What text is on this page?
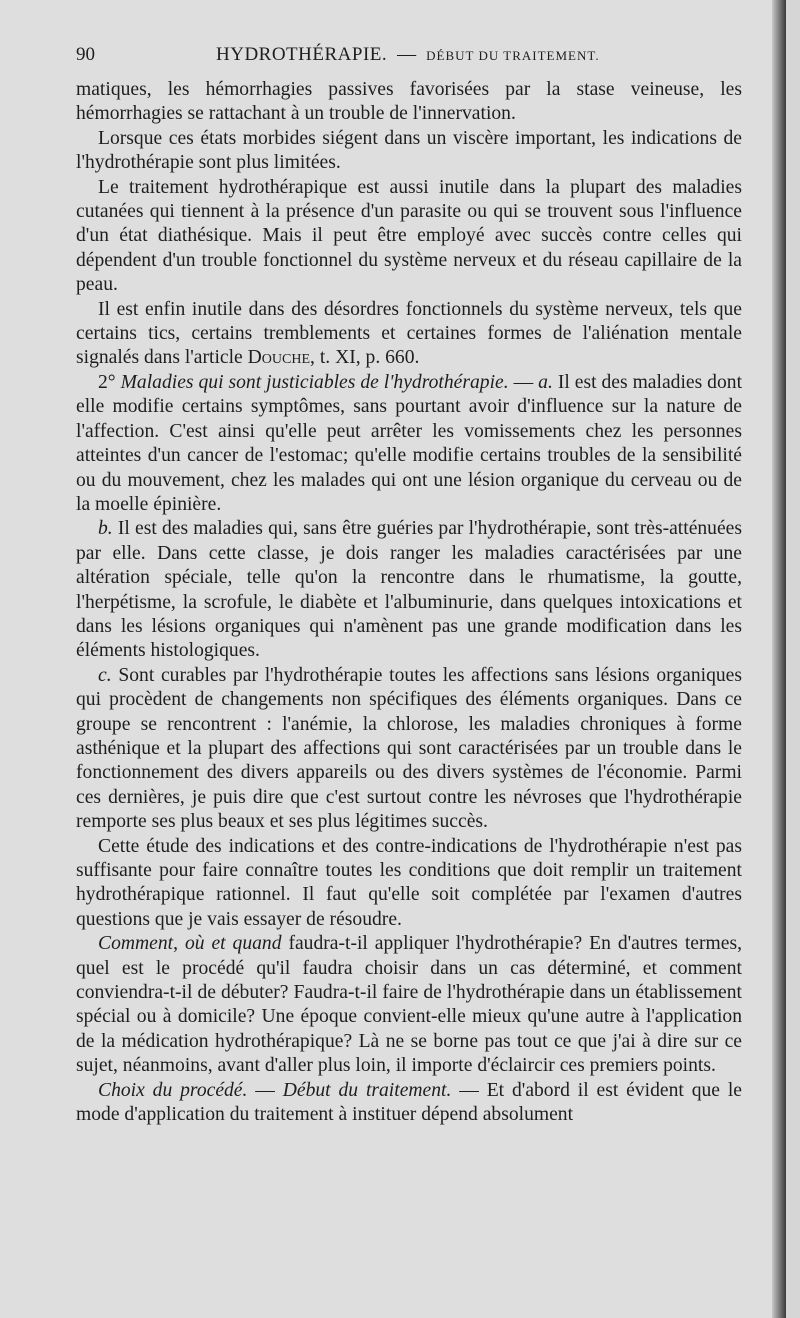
90	HYDROTHÉRAPIE. — DÉBUT DU TRAITEMENT.

matiques, les hémorrhagies passives favorisées par la stase veineuse, les hémorrhagies se rattachant à un trouble de l'innervation.

Lorsque ces états morbides siégent dans un viscère important, les indications de l'hydrothérapie sont plus limitées.

Le traitement hydrothérapique est aussi inutile dans la plupart des maladies cutanées qui tiennent à la présence d'un parasite ou qui se trouvent sous l'influence d'un état diathésique. Mais il peut être employé avec succès contre celles qui dépendent d'un trouble fonctionnel du système nerveux et du réseau capillaire de la peau.

Il est enfin inutile dans des désordres fonctionnels du système nerveux, tels que certains tics, certains tremblements et certaines formes de l'aliénation mentale signalés dans l'article Douche, t. XI, p. 660.

2° Maladies qui sont justiciables de l'hydrothérapie. — a. Il est des maladies dont elle modifie certains symptômes, sans pourtant avoir d'influence sur la nature de l'affection. C'est ainsi qu'elle peut arrêter les vomissements chez les personnes atteintes d'un cancer de l'estomac; qu'elle modifie certains troubles de la sensibilité ou du mouvement, chez les malades qui ont une lésion organique du cerveau ou de la moelle épinière.

b. Il est des maladies qui, sans être guéries par l'hydrothérapie, sont très-atténuées par elle. Dans cette classe, je dois ranger les maladies caractérisées par une altération spéciale, telle qu'on la rencontre dans le rhumatisme, la goutte, l'herpétisme, la scrofule, le diabète et l'albuminurie, dans quelques intoxications et dans les lésions organiques qui n'amènent pas une grande modification dans les éléments histologiques.

c. Sont curables par l'hydrothérapie toutes les affections sans lésions organiques qui procèdent de changements non spécifiques des éléments organiques. Dans ce groupe se rencontrent : l'anémie, la chlorose, les maladies chroniques à forme asthénique et la plupart des affections qui sont caractérisées par un trouble dans le fonctionnement des divers appareils ou des divers systèmes de l'économie. Parmi ces dernières, je puis dire que c'est surtout contre les névroses que l'hydrothérapie remporte ses plus beaux et ses plus légitimes succès.

Cette étude des indications et des contre-indications de l'hydrothérapie n'est pas suffisante pour faire connaître toutes les conditions que doit remplir un traitement hydrothérapique rationnel. Il faut qu'elle soit complétée par l'examen d'autres questions que je vais essayer de résoudre.

Comment, où et quand faudra-t-il appliquer l'hydrothérapie? En d'autres termes, quel est le procédé qu'il faudra choisir dans un cas déterminé, et comment conviendra-t-il de débuter? Faudra-t-il faire de l'hydrothérapie dans un établissement spécial ou à domicile? Une époque convient-elle mieux qu'une autre à l'application de la médication hydrothérapique? Là ne se borne pas tout ce que j'ai à dire sur ce sujet, néanmoins, avant d'aller plus loin, il importe d'éclaircir ces premiers points.

Choix du procédé. — Début du traitement. — Et d'abord il est évident que le mode d'application du traitement à instituer dépend absolument
